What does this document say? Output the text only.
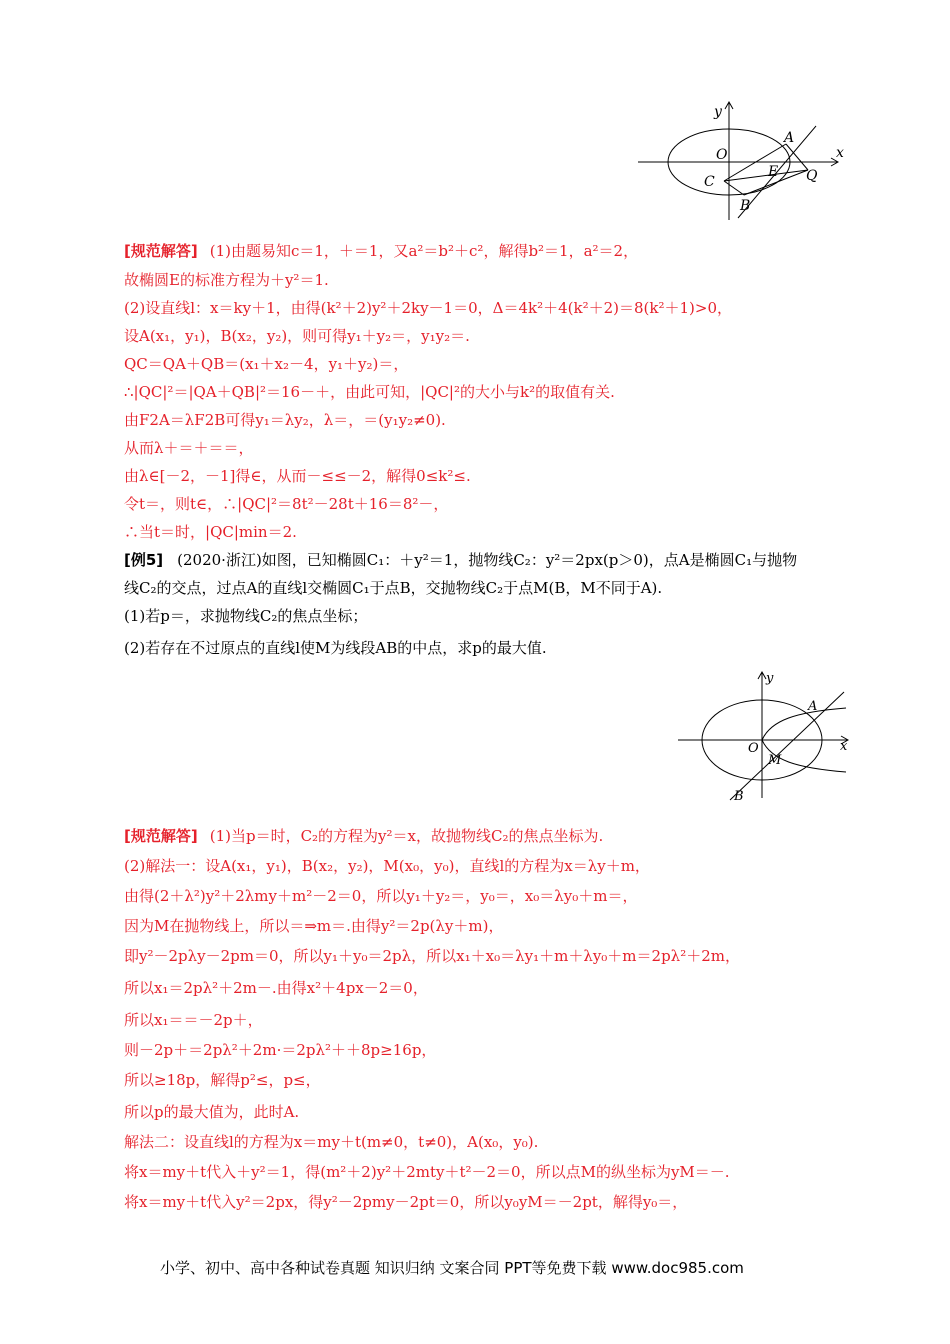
y
x
O
A
C
E Q
B
[规范解答] (1)由题易知c＝1，＋＝1，又a²＝b²＋c²，解得b²＝1，a²＝2，
故椭圆E的标准方程为＋y²＝1.
(2)设直线l：x＝ky＋1，由得(k²＋2)y²＋2ky－1＝0，Δ＝4k²＋4(k²＋2)＝8(k²＋1)>0，
设A(x₁，y₁)，B(x₂，y₂)，则可得y₁＋y₂＝，y₁y₂＝.
QC＝QA＋QB＝(x₁＋x₂－4，y₁＋y₂)＝，
∴|QC|²＝|QA＋QB|²＝16－＋，由此可知，|QC|²的大小与k²的取值有关.
由F2A＝λF2B可得y₁＝λy₂，λ＝，＝(y₁y₂≠0).
从而λ＋＝＋＝＝，
由λ∈[－2，－1]得∈，从而－≤≤－2，解得0≤k²≤.
令t＝，则t∈，∴|QC|²＝8t²－28t＋16＝8²－，
∴当t＝时，|QC|min＝2.
[例5] (2020·浙江)如图，已知椭圆C₁：＋y²＝1，抛物线C₂：y²＝2px(p＞0)，点A是椭圆C₁与抛物
线C₂的交点，过点A的直线l交椭圆C₁于点B，交抛物线C₂于点M(B，M不同于A).
(1)若p＝，求抛物线C₂的焦点坐标；
(2)若存在不过原点的直线l使M为线段AB的中点，求p的最大值.
y
x
O
A
M
B
[规范解答] (1)当p＝时，C₂的方程为y²＝x，故抛物线C₂的焦点坐标为.
(2)解法一：设A(x₁，y₁)，B(x₂，y₂)，M(x₀，y₀)，直线l的方程为x＝λy＋m，
由得(2＋λ²)y²＋2λmy＋m²－2＝0，所以y₁＋y₂＝，y₀＝，x₀＝λy₀＋m＝，
因为M在抛物线上，所以＝⇒m＝.由得y²＝2p(λy＋m)，
即y²－2pλy－2pm＝0，所以y₁＋y₀＝2pλ，所以x₁＋x₀＝λy₁＋m＋λy₀＋m＝2pλ²＋2m，
所以x₁＝2pλ²＋2m－.由得x²＋4px－2＝0，
所以x₁＝＝－2p＋，
则－2p＋＝2pλ²＋2m·＝2pλ²＋＋8p≥16p，
所以≥18p，解得p²≤，p≤，
所以p的最大值为，此时A.
解法二：设直线l的方程为x＝my＋t(m≠0，t≠0)，A(x₀，y₀).
将x＝my＋t代入＋y²＝1，得(m²＋2)y²＋2mty＋t²－2＝0，所以点M的纵坐标为yM＝－.
将x＝my＋t代入y²＝2px，得y²－2pmy－2pt＝0，所以y₀yM＝－2pt，解得y₀＝，
小学、初中、高中各种试卷真题 知识归纳 文案合同 PPT等免费下载 www.doc985.com
